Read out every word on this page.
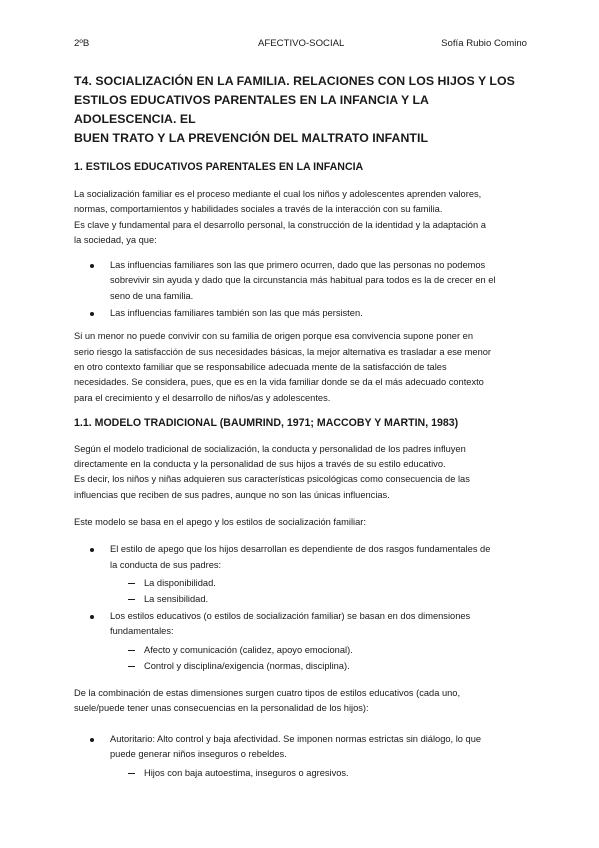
2ºB	AFECTIVO-SOCIAL	Sofía Rubio Comino
T4. SOCIALIZACIÓN EN LA FAMILIA. RELACIONES CON LOS HIJOS Y LOS
ESTILOS EDUCATIVOS PARENTALES EN LA INFANCIA Y LA ADOLESCENCIA. EL
BUEN TRATO Y LA PREVENCIÓN DEL MALTRATO INFANTIL
1. ESTILOS EDUCATIVOS PARENTALES EN LA INFANCIA
La socialización familiar es el proceso mediante el cual los niños y adolescentes aprenden valores,
normas, comportamientos y habilidades sociales a través de la interacción con su familia.
Es clave y fundamental para el desarrollo personal, la construcción de la identidad y la adaptación a
la sociedad, ya que:
Las influencias familiares son las que primero ocurren, dado que las personas no podemos
sobrevivir sin ayuda y dado que la circunstancia más habitual para todos es la de crecer en el
seno de una familia.
Las influencias familiares también son las que más persisten.
Si un menor no puede convivir con su familia de origen porque esa convivencia supone poner en
serio riesgo la satisfacción de sus necesidades básicas, la mejor alternativa es trasladar a ese menor
en otro contexto familiar que se responsabilice adecuada mente de la satisfacción de tales
necesidades. Se considera, pues, que es en la vida familiar donde se da el más adecuado contexto
para el crecimiento y el desarrollo de niños/as y adolescentes.
1.1. MODELO TRADICIONAL (BAUMRIND, 1971; MACCOBY Y MARTIN, 1983)
Según el modelo tradicional de socialización, la conducta y personalidad de los padres influyen
directamente en la conducta y la personalidad de sus hijos a través de su estilo educativo.
Es decir, los niños y niñas adquieren sus características psicológicas como consecuencia de las
influencias que reciben de sus padres, aunque no son las únicas influencias.
Este modelo se basa en el apego y los estilos de socialización familiar:
El estilo de apego que los hijos desarrollan es dependiente de dos rasgos fundamentales de
la conducta de sus padres:
La disponibilidad.
La sensibilidad.
Los estilos educativos (o estilos de socialización familiar) se basan en dos dimensiones
fundamentales:
Afecto y comunicación (calidez, apoyo emocional).
Control y disciplina/exigencia (normas, disciplina).
De la combinación de estas dimensiones surgen cuatro tipos de estilos educativos (cada uno,
suele/puede tener unas consecuencias en la personalidad de los hijos):
Autoritario: Alto control y baja afectividad. Se imponen normas estrictas sin diálogo, lo que
puede generar niños inseguros o rebeldes.
Hijos con baja autoestima, inseguros o agresivos.
